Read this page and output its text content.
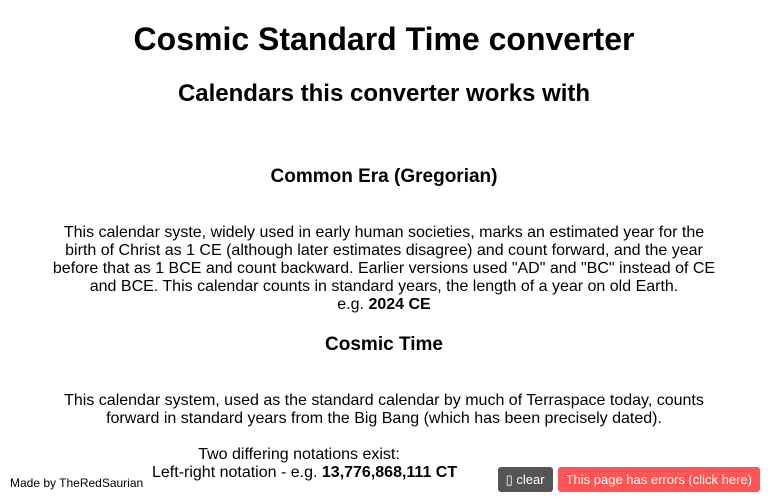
Cosmic Standard Time converter
Calendars this converter works with
Common Era (Gregorian)

This calendar syste, widely used in early human societies, marks an estimated year for the birth of Christ as 1 CE (although later estimates disagree) and count forward, and the year before that as 1 BCE and count backward. Earlier versions used "AD" and "BC" instead of CE and BCE. This calendar counts in standard years, the length of a year on old Earth.

e.g. 2024 CE

Cosmic Time

This calendar system, used as the standard calendar by much of Terraspace today, counts forward in standard years from the Big Bang (which has been precisely dated).

Two differing notations exist:

Left-right notation - e.g. 13,776,868,111 CT

Made by TheRedSaurian	▯ clear	This page has errors (click here)
